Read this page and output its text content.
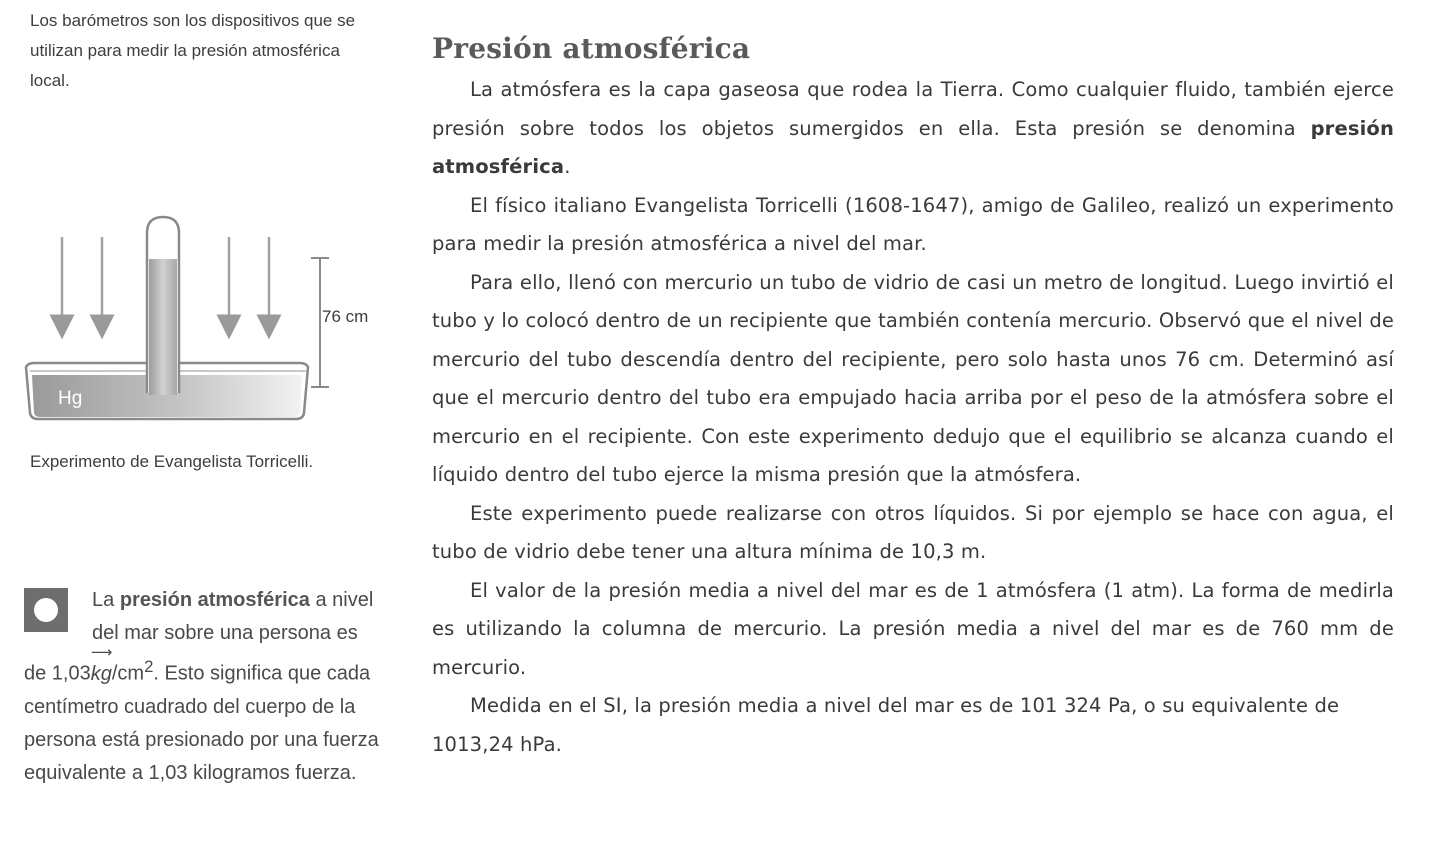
Los barómetros son los dispositivos que se utilizan para medir la presión atmosférica local.
76 cm
Hg
Experimento de Evangelista Torricelli.
La presión atmosférica a nivel del mar sobre una persona es de 1,03
⟶
$kg/cm^2$. Esto significa que cada centímetro cuadrado del cuerpo de la persona está presionado por una fuerza equivalente a 1,03 kilogramos fuerza.
Presión atmosférica

La atmósfera es la capa gaseosa que rodea la Tierra. Como cualquier fluido, también ejerce presión sobre todos los objetos sumergidos en ella. Esta presión se denomina presión atmosférica.

El físico italiano Evangelista Torricelli (1608-1647), amigo de Galileo, realizó un experimento para medir la presión atmosférica a nivel del mar.

Para ello, llenó con mercurio un tubo de vidrio de casi un metro de longitud. Luego invirtió el tubo y lo colocó dentro de un recipiente que también contenía mercurio. Observó que el nivel de mercurio del tubo descendía dentro del recipiente, pero solo hasta unos 76 cm. Determinó así que el mercurio dentro del tubo era empujado hacia arriba por el peso de la atmósfera sobre el mercurio en el recipiente. Con este experimento dedujo que el equilibrio se alcanza cuando el líquido dentro del tubo ejerce la misma presión que la atmósfera.

Este experimento puede realizarse con otros líquidos. Si por ejemplo se hace con agua, el tubo de vidrio debe tener una altura mínima de 10,3 m.

El valor de la presión media a nivel del mar es de 1 atmósfera (1 atm). La forma de medirla es utilizando la columna de mercurio. La presión media a nivel del mar es de 760 mm de mercurio.

Medida en el SI, la presión media a nivel del mar es de 101 324 Pa, o su equivalente de 1013,24 hPa.
